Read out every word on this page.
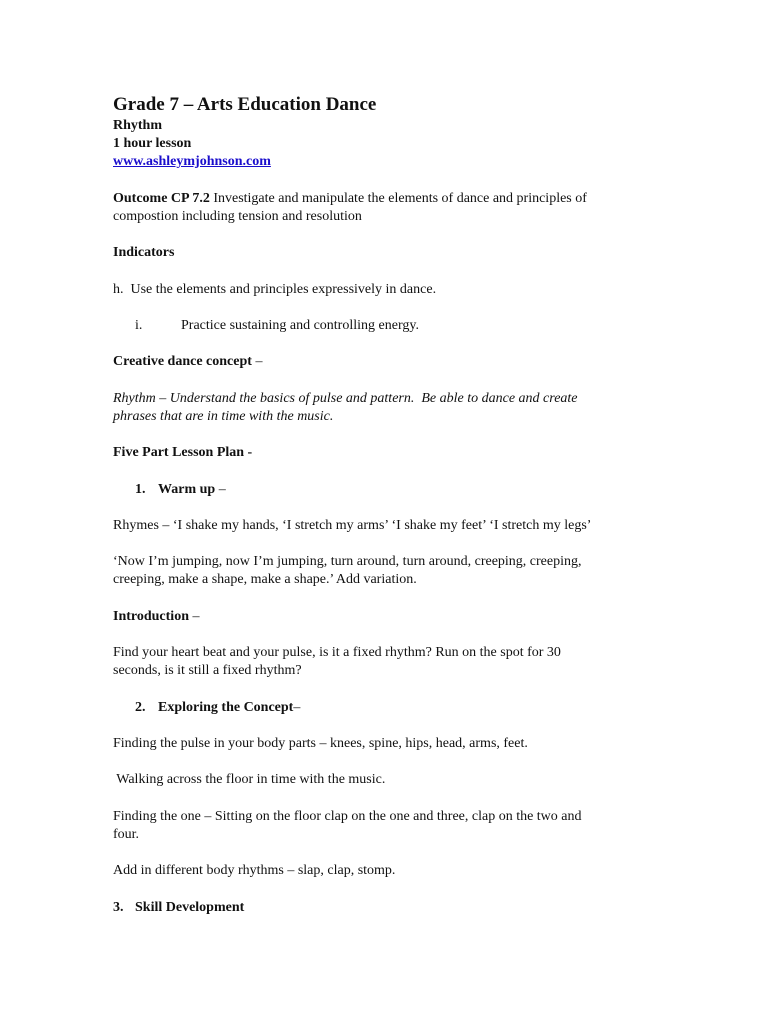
Grade 7 – Arts Education Dance
Rhythm
1 hour lesson
www.ashleymjohnson.com
Outcome CP 7.2 Investigate and manipulate the elements of dance and principles of
compostion including tension and resolution
Indicators
h.  Use the elements and principles expressively in dance.
i.	Practice sustaining and controlling energy.
Creative dance concept –
Rhythm – Understand the basics of pulse and pattern.  Be able to dance and create
phrases that are in time with the music.
Five Part Lesson Plan -
1. Warm up –
Rhymes – ‘I shake my hands, ‘I stretch my arms’ ‘I shake my feet’ ‘I stretch my legs’
‘Now I’m jumping, now I’m jumping, turn around, turn around, creeping, creeping,
creeping, make a shape, make a shape.’ Add variation.
Introduction –
Find your heart beat and your pulse, is it a fixed rhythm? Run on the spot for 30
seconds, is it still a fixed rhythm?
2. Exploring the Concept–
Finding the pulse in your body parts – knees, spine, hips, head, arms, feet.
Walking across the floor in time with the music.
Finding the one – Sitting on the floor clap on the one and three, clap on the two and
four.
Add in different body rhythms – slap, clap, stomp.
3. Skill Development
